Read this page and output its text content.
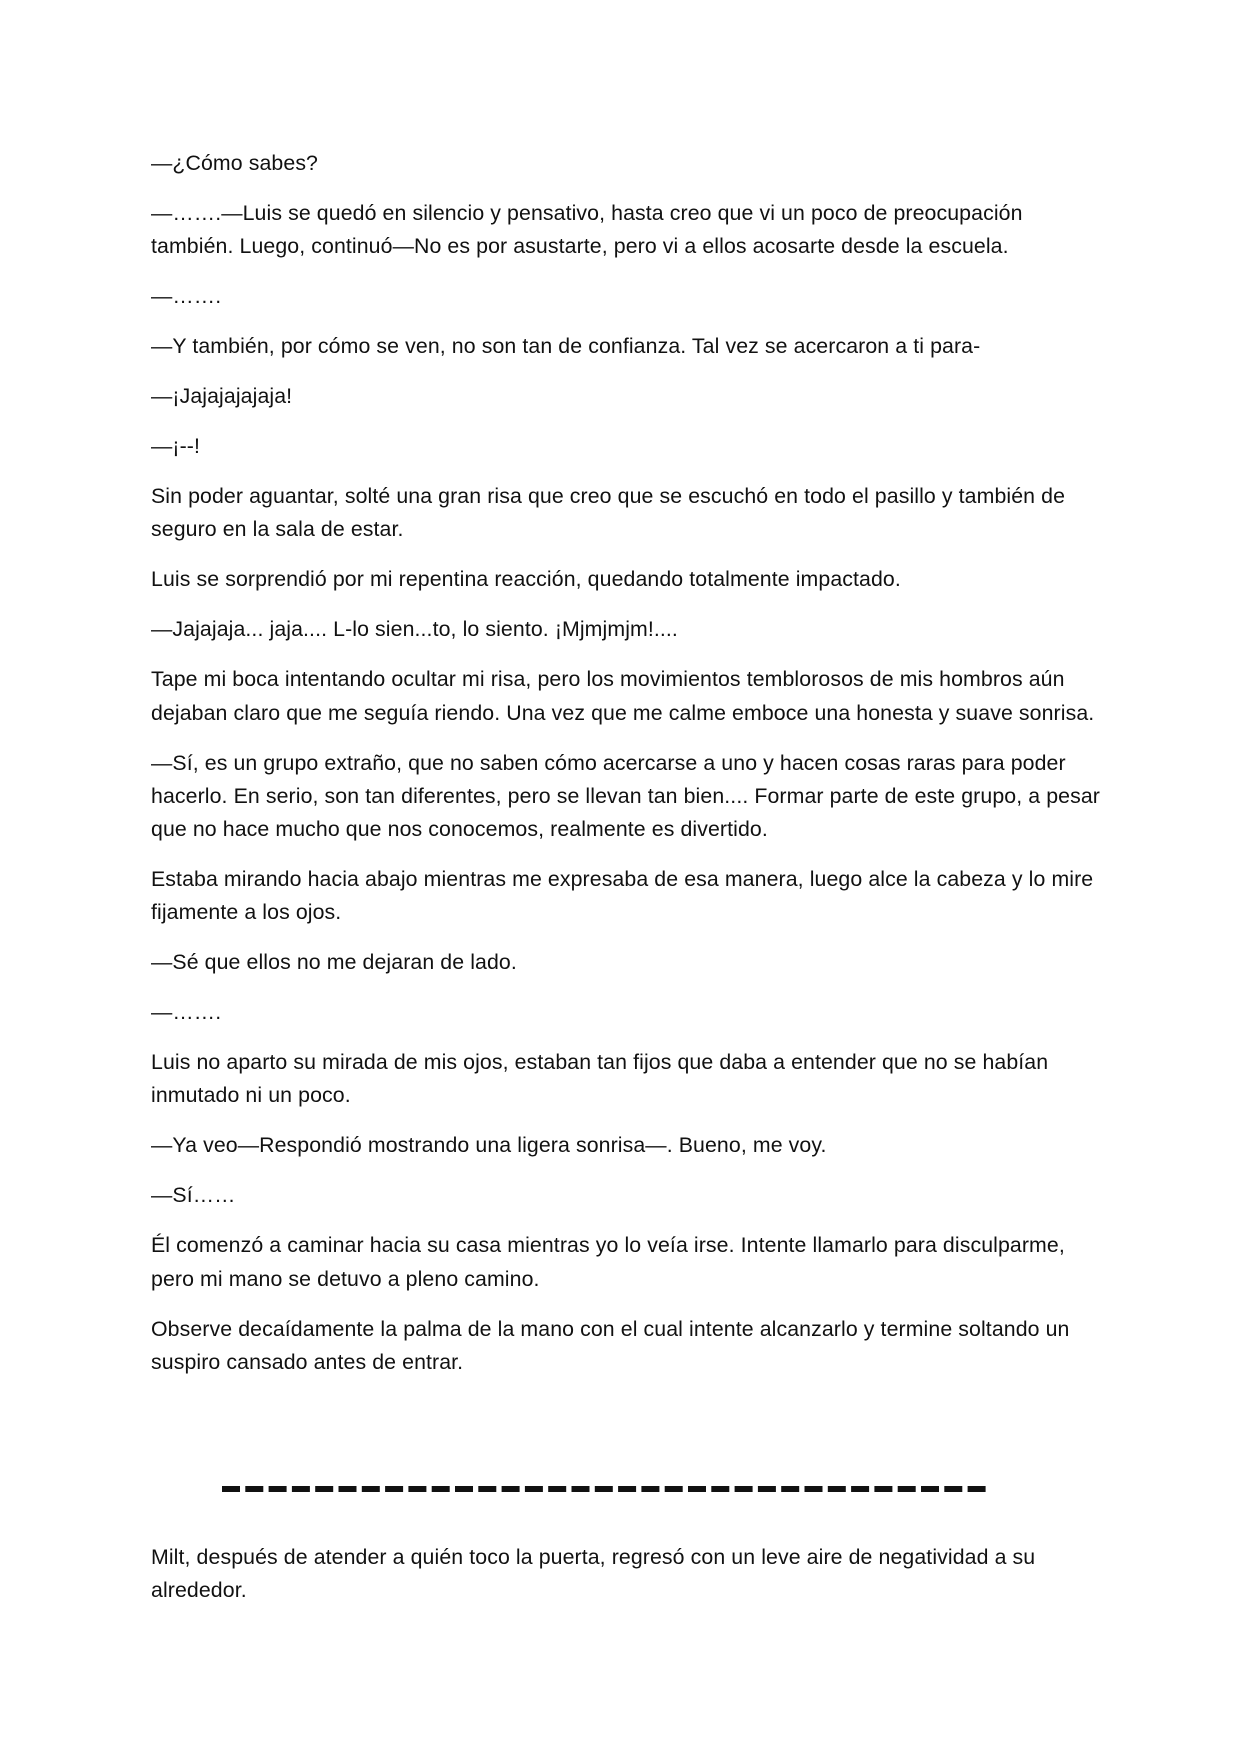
—¿Cómo sabes?

—…….—Luis se quedó en silencio y pensativo, hasta creo que vi un poco de preocupación también. Luego, continuó—No es por asustarte, pero vi a ellos acosarte desde la escuela.

—…….

—Y también, por cómo se ven, no son tan de confianza. Tal vez se acercaron a ti para-

—¡Jajajajajaja!

—¡--!

Sin poder aguantar, solté una gran risa que creo que se escuchó en todo el pasillo y también de seguro en la sala de estar.

Luis se sorprendió por mi repentina reacción, quedando totalmente impactado.

—Jajajaja... jaja.... L-lo sien...to, lo siento. ¡Mjmjmjm!....

Tape mi boca intentando ocultar mi risa, pero los movimientos temblorosos de mis hombros aún dejaban claro que me seguía riendo. Una vez que me calme emboce una honesta y suave sonrisa.

—Sí, es un grupo extraño, que no saben cómo acercarse a uno y hacen cosas raras para poder hacerlo. En serio, son tan diferentes, pero se llevan tan bien.... Formar parte de este grupo, a pesar que no hace mucho que nos conocemos, realmente es divertido.

Estaba mirando hacia abajo mientras me expresaba de esa manera, luego alce la cabeza y lo mire fijamente a los ojos.

—Sé que ellos no me dejaran de lado.

—…….

Luis no aparto su mirada de mis ojos, estaban tan fijos que daba a entender que no se habían inmutado ni un poco.

—Ya veo—Respondió mostrando una ligera sonrisa—. Bueno, me voy.

—Sí……

Él comenzó a caminar hacia su casa mientras yo lo veía irse. Intente llamarlo para disculparme, pero mi mano se detuvo a pleno camino.

Observe decaídamente la palma de la mano con el cual intente alcanzarlo y termine soltando un suspiro cansado antes de entrar.

Milt, después de atender a quién toco la puerta, regresó con un leve aire de negatividad a su alrededor.
